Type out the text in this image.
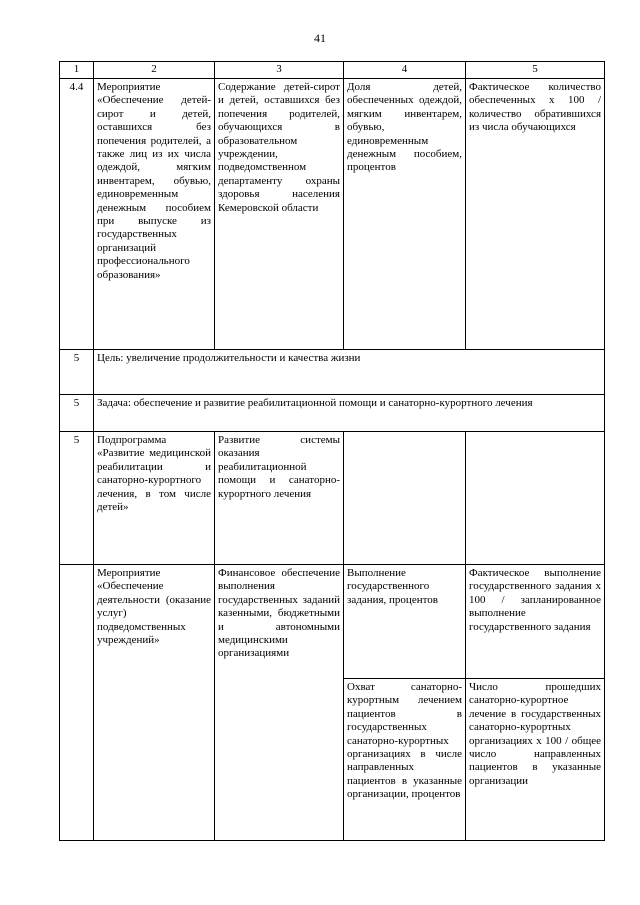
41
1	2	3	4	5
4.4	Мероприятие «Обеспечение детей-сирот и детей, оставшихся без попечения родителей, а также лиц из их числа одеждой, мягким инвентарем, обувью, единовременным денежным пособием при выпуске из государственных организаций профессионального образования»	Содержание детей-сирот и детей, оставшихся без попечения родителей, обучающихся в образовательном учреждении, подведомственном департаменту охраны здоровья населения Кемеровской области	Доля детей, обеспеченных одеждой, мягким инвентарем, обувью, единовременным денежным пособием, процентов	Фактическое количество обеспеченных х 100 / количество обратившихся из числа обучающихся
5	Цель: увеличение продолжительности и качества жизни			
5	Задача: обеспечение и развитие реабилитационной помощи и санаторно-курортного лечения			
5	Подпрограмма «Развитие медицинской реабилитации и санаторно-курортного лечения, в том числе детей»	Развитие системы оказания реабилитационной помощи и санаторно-курортного лечения		
	Мероприятие «Обеспечение деятельности (оказание услуг) подведомственных учреждений»	Финансовое обеспечение выполнения государственных заданий казенными, бюджетными и автономными медицинскими организациями	Выполнение государственного задания, процентов	Фактическое выполнение государственного задания х 100 / запланированное выполнение государственного задания
			Охват санаторно-курортным лечением пациентов в государственных санаторно-курортных организациях в числе направленных пациентов в указанные организации, процентов	Число прошедших санаторно-курортное лечение в государственных санаторно-курортных организациях х 100 / общее число направленных пациентов в указанные организации
